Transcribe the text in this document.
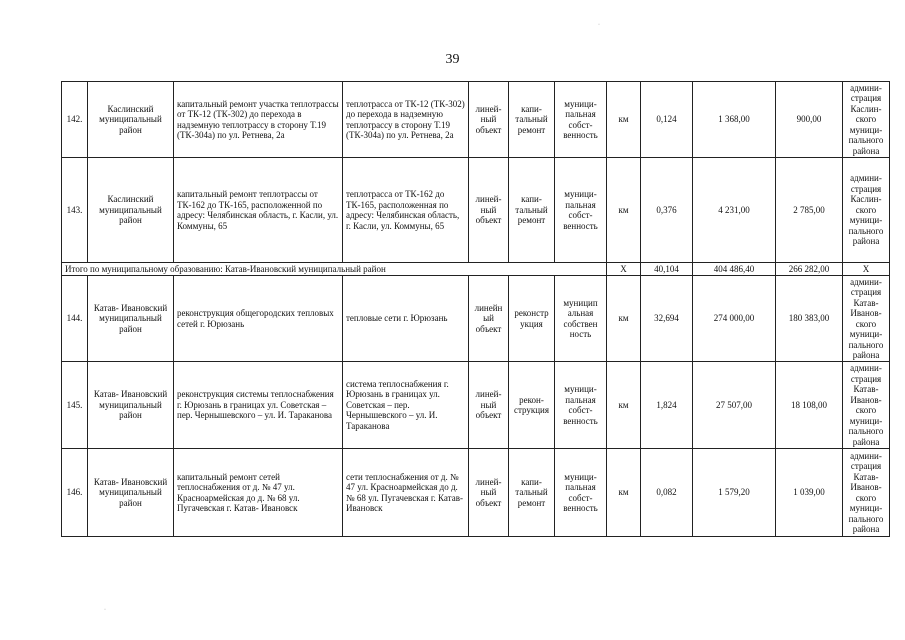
39
·
·
142.	Каслинский муниципальный район	капитальный ремонт участка теплотрассы от ТК-12 (ТК-302) до перехода в надземную теплотрассу в сторону Т.19 (ТК-304а) по ул. Ретнева, 2а	теплотрасса от ТК-12 (ТК-302) до перехода в надземную теплотрассу в сторону Т.19 (ТК-304а) по ул. Ретнева, 2а	линей- ный объект	капи- тальный ремонт	муници- пальная собст- венность	км	0,124	1 368,00	900,00	админи- страция Каслин- ского муници- пального района
143.	Каслинский муниципальный район	капитальный ремонт теплотрассы от ТК-162 до ТК-165, расположенной по адресу: Челябинская область, г. Касли, ул. Коммуны, 65	теплотрасса от ТК-162 до ТК-165, расположенная по адресу: Челябинская область, г. Касли, ул. Коммуны, 65	линей- ный объект	капи- тальный ремонт	муници- пальная собст- венность	км	0,376	4 231,00	2 785,00	админи- страция Каслин- ского муници- пального района
Итого по муниципальному образованию: Катав-Ивановский муниципальный район							X	40,104	404 486,40	266 282,00	X
144.	Катав- Ивановский муниципальный район	реконструкция общегородских тепловых сетей г. Юрюзань	тепловые сети г. Юрюзань	линейн ый объект	реконстр укция	муницип альная собствен ность	км	32,694	274 000,00	180 383,00	админи- страция Катав- Иванов- ского муници- пального района
145.	Катав- Ивановский муниципальный район	реконструкция системы теплоснабжения г. Юрюзань в границах ул. Советская – пер. Чернышевского – ул. И. Тараканова	система теплоснабжения г. Юрюзань в границах ул. Советская – пер. Чернышевского – ул. И. Тараканова	линей- ный объект	рекон- струкция	муници- пальная собст- венность	км	1,824	27 507,00	18 108,00	админи- страция Катав- Иванов- ского муници- пального района
146.	Катав- Ивановский муниципальный район	капитальный ремонт сетей теплоснабжения от д. № 47 ул. Красноармейская до д. № 68 ул. Пугачевская г. Катав- Ивановск	сети теплоснабжения от д. № 47 ул. Красноармейская до д. № 68 ул. Пугачевская г. Катав-Ивановск	линей- ный объект	капи- тальный ремонт	муници- пальная собст- венность	км	0,082	1 579,20	1 039,00	админи- страция Катав- Иванов- ского муници- пального района
